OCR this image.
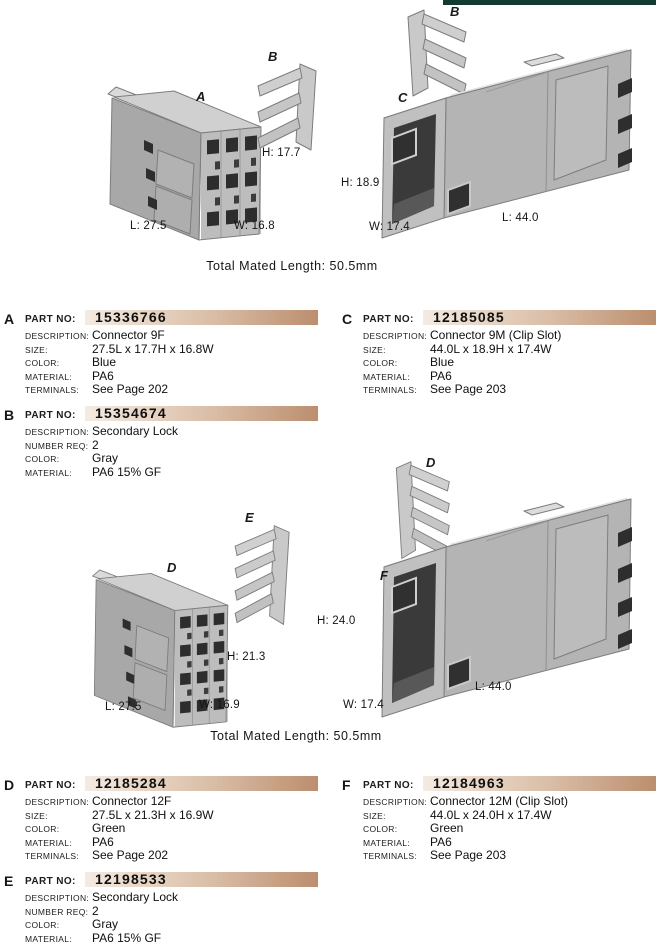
A
B
B
C
H: 17.7
L: 27.5	W: 16.8
H: 18.9
W: 17.4
L: 44.0
Total Mated Length: 50.5mm
A PART NO:	15336766
DESCRIPTION: Connector 9F
SIZE:	27.5L x 17.7H x 16.8W
COLOR:	Blue
MATERIAL:	PA6
TERMINALS:	See Page 202
B PART NO:	15354674
DESCRIPTION: Secondary Lock
NUMBER REQ: 2
COLOR:	Gray
MATERIAL:	PA6 15% GF
C PART NO:	12185085
DESCRIPTION: Connector 9M (Clip Slot)
SIZE:	44.0L x 18.9H x 17.4W
COLOR:	Blue
MATERIAL:	PA6
TERMINALS:	See Page 203
D
E
D
F
H: 21.3
L: 27.5	W: 16.9
H: 24.0
W: 17.4
L: 44.0
Total Mated Length: 50.5mm
D PART NO:	12185284
DESCRIPTION: Connector 12F
SIZE:	27.5L x 21.3H x 16.9W
COLOR:	Green
MATERIAL:	PA6
TERMINALS:	See Page 202
E PART NO:	12198533
DESCRIPTION: Secondary Lock
NUMBER REQ: 2
COLOR:	Gray
MATERIAL:	PA6 15% GF
F PART NO:	12184963
DESCRIPTION: Connector 12M (Clip Slot)
SIZE:	44.0L x 24.0H x 17.4W
COLOR:	Green
MATERIAL:	PA6
TERMINALS:	See Page 203
